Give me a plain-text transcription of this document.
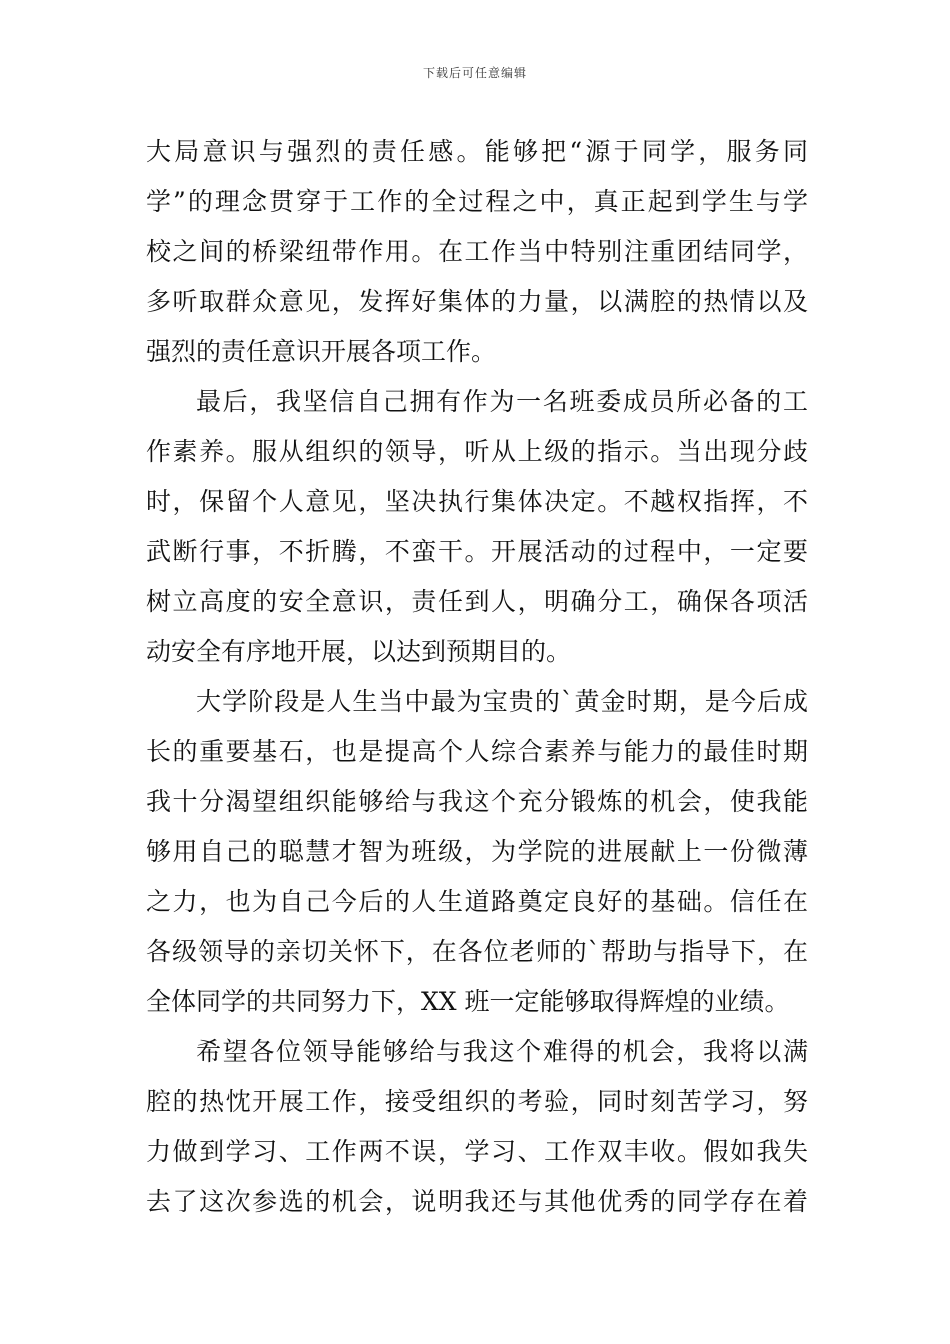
下载后可任意编辑
大局意识与强烈的责任感。能够把“源于同学，服务同
学”的理念贯穿于工作的全过程之中，真正起到学生与学
校之间的桥梁纽带作用。在工作当中特别注重团结同学，
多听取群众意见，发挥好集体的力量，以满腔的热情以及
强烈的责任意识开展各项工作。
最后，我坚信自己拥有作为一名班委成员所必备的工
作素养。服从组织的领导，听从上级的指示。当出现分歧
时，保留个人意见，坚决执行集体决定。不越权指挥，不
武断行事，不折腾，不蛮干。开展活动的过程中，一定要
树立高度的安全意识，责任到人，明确分工，确保各项活
动安全有序地开展，以达到预期目的。
大学阶段是人生当中最为宝贵的`黄金时期，是今后成
长的重要基石，也是提高个人综合素养与能力的最佳时期
我十分渴望组织能够给与我这个充分锻炼的机会，使我能
够用自己的聪慧才智为班级，为学院的进展献上一份微薄
之力，也为自己今后的人生道路奠定良好的基础。信任在
各级领导的亲切关怀下，在各位老师的`帮助与指导下，在
全体同学的共同努力下，XX 班一定能够取得辉煌的业绩。
希望各位领导能够给与我这个难得的机会，我将以满
腔的热忱开展工作，接受组织的考验，同时刻苦学习，努
力做到学习、工作两不误，学习、工作双丰收。假如我失
去了这次参选的机会，说明我还与其他优秀的同学存在着
